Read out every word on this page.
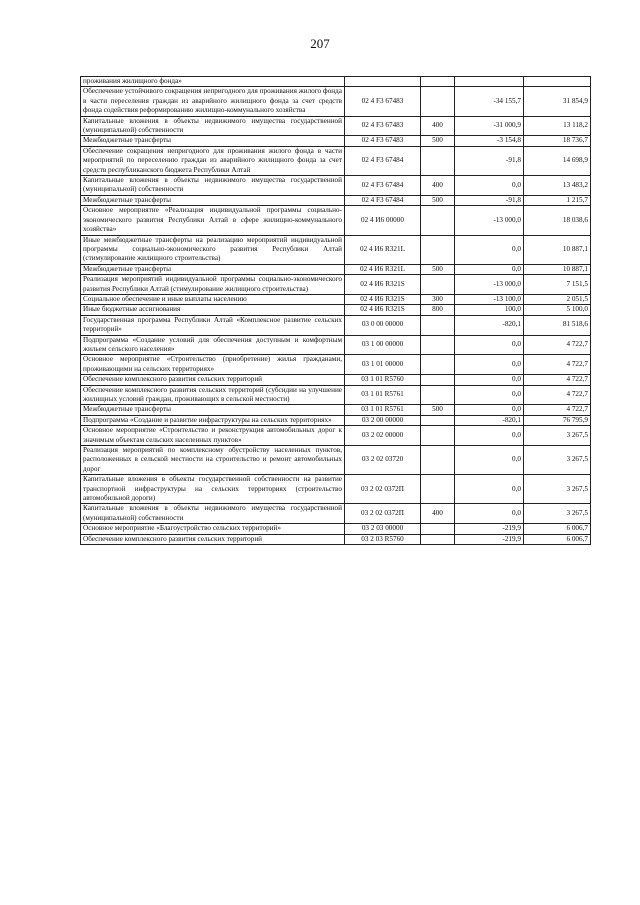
207
проживания жилищного фонда»				
Обеспечение устойчивого сокращения непригодного для проживания жилого фонда в части переселения граждан из аварийного жилищного фонда за счет средств фонда содействия реформированию жилищно-коммунального хозяйства	02 4 F3 67483		-34 155,7	31 854,9
Капитальные вложения в объекты недвижимого имущества государственной (муниципальной) собственности	02 4 F3 67483	400	-31 000,9	13 118,2
Межбюджетные трансферты	02 4 F3 67483	500	-3 154,8	18 736,7
Обеспечение сокращения непригодного для проживания жилого фонда в части мероприятий по переселению граждан из аварийного жилищного фонда за счет средств республиканского бюджета Республики Алтай	02 4 F3 67484		-91,8	14 698,9
Капитальные вложения в объекты недвижимого имущества государственной (муниципальной) собственности	02 4 F3 67484	400	0,0	13 483,2
Межбюджетные трансферты	02 4 F3 67484	500	-91,8	1 215,7
Основное мероприятие «Реализация индивидуальной программы социально-экономического развития Республики Алтай в сфере жилищно-коммунального хозяйства»	02 4 И6 00000		-13 000,0	18 038,6
Иные межбюджетные трансферты на реализацию мероприятий индивидуальной программы социально-экономического развития Республики Алтай (стимулирование жилищного строительства)	02 4 И6 R321L		0,0	10 887,1
Межбюджетные трансферты	02 4 И6 R321L	500	0,0	10 887,1
Реализация мероприятий индивидуальной программы социально-экономического развития Республики Алтай (стимулирование жилищного строительства)	02 4 И6 R321S		-13 000,0	7 151,5
Социальное обеспечение и иные выплаты населению	02 4 И6 R321S	300	-13 100,0	2 051,5
Иные бюджетные ассигнования	02 4 И6 R321S	800	100,0	5 100,0
Государственная программа Республики Алтай «Комплексное развитие сельских территорий»	03 0 00 00000		-820,1	81 518,6
Подпрограмма «Создание условий для обеспечения доступным и комфортным жильем сельского населения»	03 1 00 00000		0,0	4 722,7
Основное мероприятие «Строительство (приобретение) жилья гражданами, проживающими на сельских территориях»	03 1 01 00000		0,0	4 722,7
Обеспечение комплексного развития сельских территорий	03 1 01 R5760		0,0	4 722,7
Обеспечение комплексного развития сельских территорий (субсидии на улучшение жилищных условий граждан, проживающих в сельской местности)	03 1 01 R5761		0,0	4 722,7
Межбюджетные трансферты	03 1 01 R5761	500	0,0	4 722,7
Подпрограмма «Создание и развитие инфраструктуры на сельских территориях»	03 2 00 00000		-820,1	76 795,9
Основное мероприятие «Строительство и реконструкция автомобильных дорог к значимым объектам сельских населенных пунктов»	03 2 02 00000		0,0	3 267,5
Реализация мероприятий по комплексному обустройству населенных пунктов, расположенных в сельской местности на строительство и ремонт автомобильных дорог	03 2 02 03720		0,0	3 267,5
Капитальные вложения в объекты государственной собственности на развитие транспортной инфраструктуры на сельских территориях (строительство автомобильной дороги)	03 2 02 0372П		0,0	3 267,5
Капитальные вложения в объекты недвижимого имущества государственной (муниципальной) собственности	03 2 02 0372П	400	0,0	3 267,5
Основное мероприятие «Благоустройство сельских территорий»	03 2 03 00000		-219,9	6 006,7
Обеспечение комплексного развития сельских территорий	03 2 03 R5760		-219,9	6 006,7
